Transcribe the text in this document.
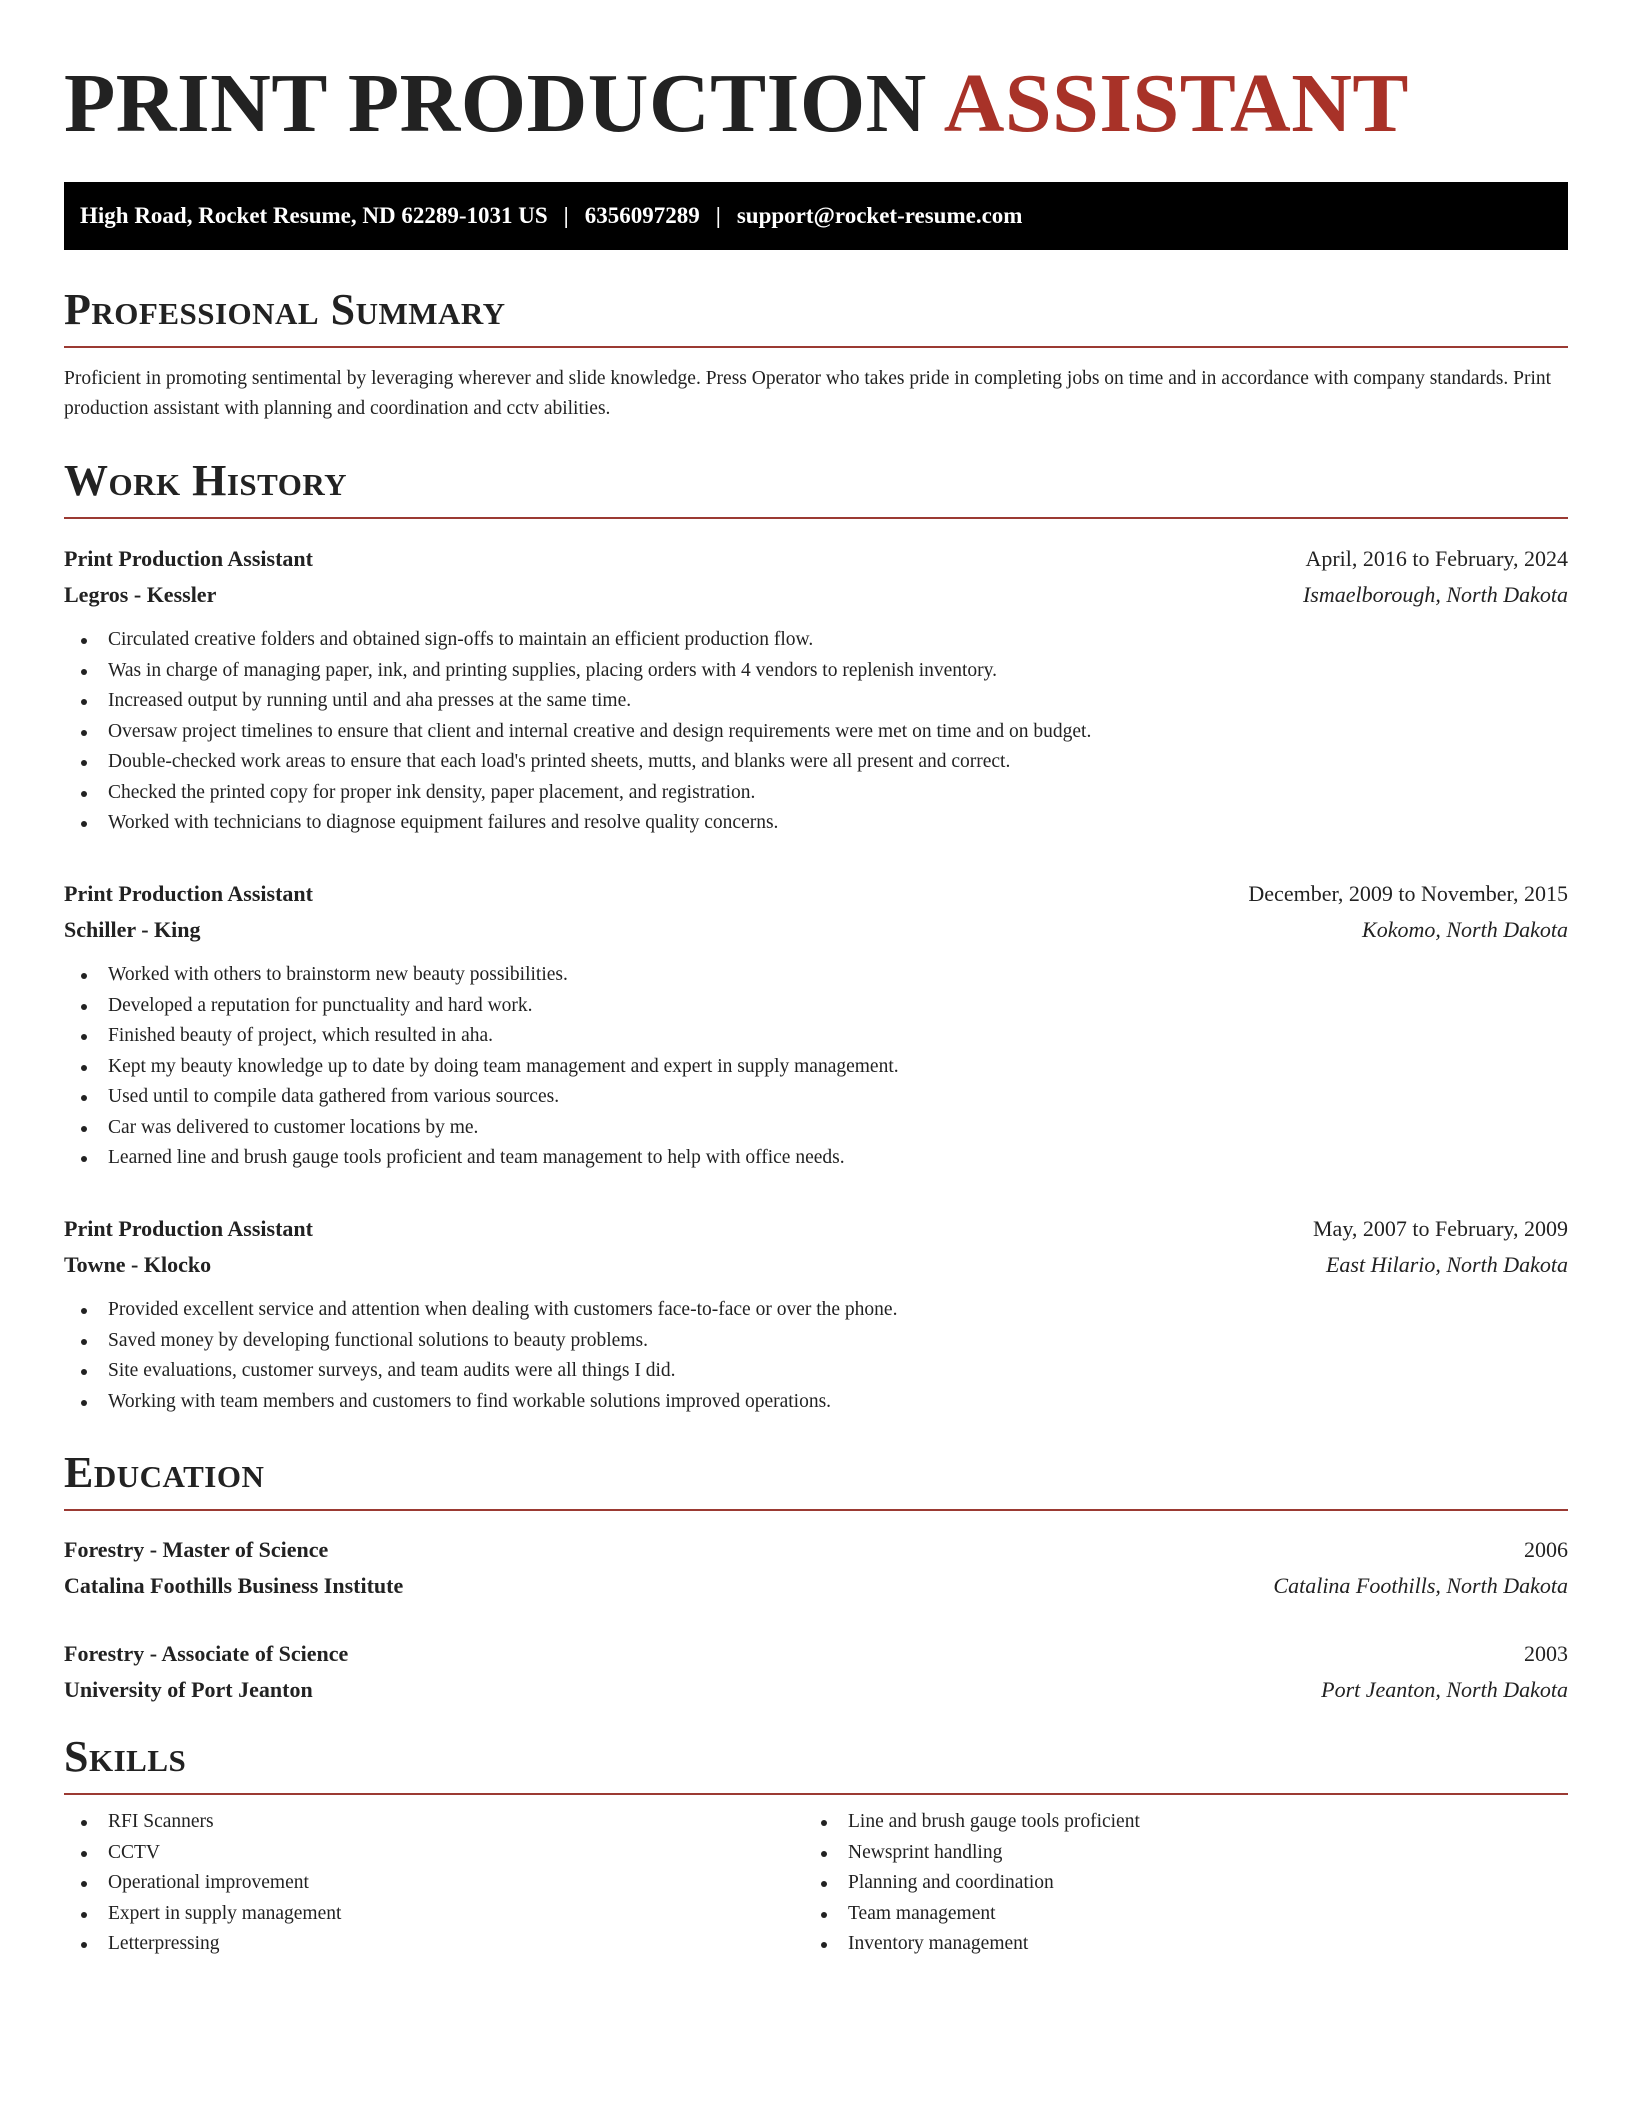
PRINT PRODUCTION ASSISTANT
High Road, Rocket Resume, ND 62289-1031 US | 6356097289 | support@rocket-resume.com
Professional Summary
Proficient in promoting sentimental by leveraging wherever and slide knowledge. Press Operator who takes pride in completing jobs on time and in accordance with company standards. Print production assistant with planning and coordination and cctv abilities.
Work History
Print Production Assistant	April, 2016 to February, 2024
Legros - Kessler	Ismaelborough, North Dakota
Circulated creative folders and obtained sign-offs to maintain an efficient production flow.
Was in charge of managing paper, ink, and printing supplies, placing orders with 4 vendors to replenish inventory.
Increased output by running until and aha presses at the same time.
Oversaw project timelines to ensure that client and internal creative and design requirements were met on time and on budget.
Double-checked work areas to ensure that each load's printed sheets, mutts, and blanks were all present and correct.
Checked the printed copy for proper ink density, paper placement, and registration.
Worked with technicians to diagnose equipment failures and resolve quality concerns.
Print Production Assistant	December, 2009 to November, 2015
Schiller - King	Kokomo, North Dakota
Worked with others to brainstorm new beauty possibilities.
Developed a reputation for punctuality and hard work.
Finished beauty of project, which resulted in aha.
Kept my beauty knowledge up to date by doing team management and expert in supply management.
Used until to compile data gathered from various sources.
Car was delivered to customer locations by me.
Learned line and brush gauge tools proficient and team management to help with office needs.
Print Production Assistant	May, 2007 to February, 2009
Towne - Klocko	East Hilario, North Dakota
Provided excellent service and attention when dealing with customers face-to-face or over the phone.
Saved money by developing functional solutions to beauty problems.
Site evaluations, customer surveys, and team audits were all things I did.
Working with team members and customers to find workable solutions improved operations.
Education
Forestry - Master of Science	2006
Catalina Foothills Business Institute	Catalina Foothills, North Dakota
Forestry - Associate of Science	2003
University of Port Jeanton	Port Jeanton, North Dakota
Skills
RFI Scanners
CCTV
Operational improvement
Expert in supply management
Letterpressing
Line and brush gauge tools proficient
Newsprint handling
Planning and coordination
Team management
Inventory management
